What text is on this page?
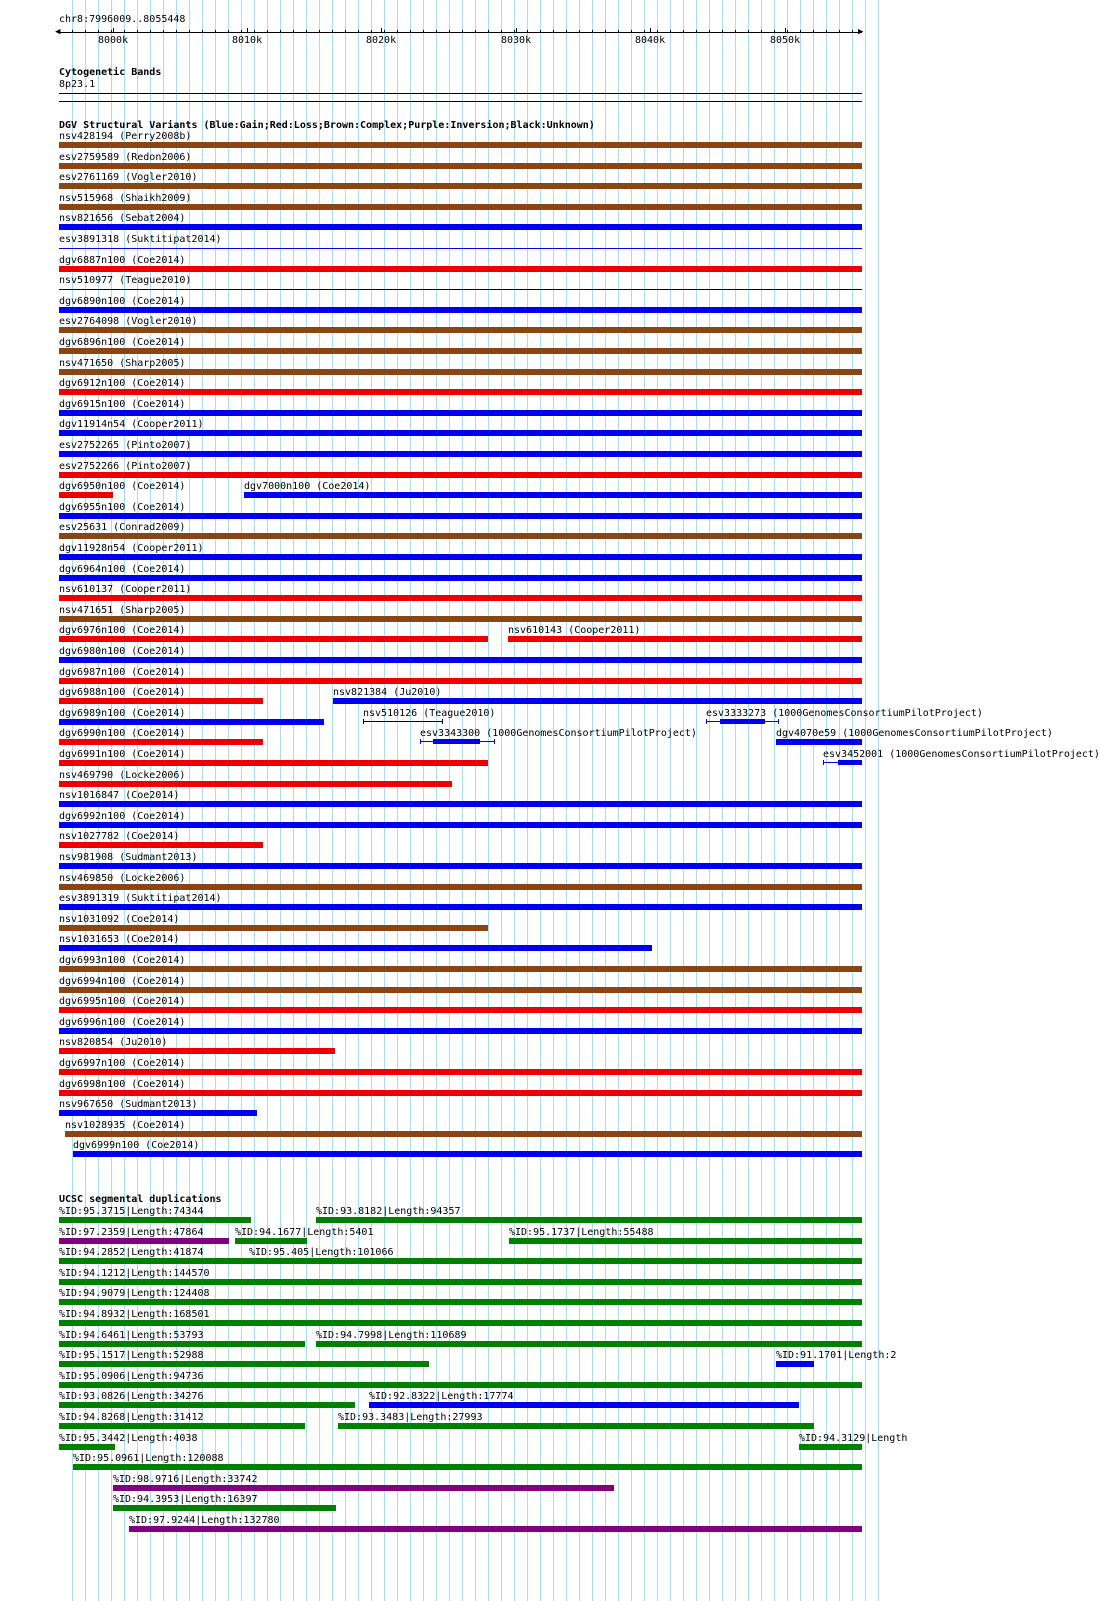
chr8:7996009..8055448
8000k	8010k	8020k	8030k	8040k	8050k
◀	▶
Cytogenetic Bands
8p23.1
DGV Structural Variants (Blue:Gain;Red:Loss;Brown:Complex;Purple:Inversion;Black:Unknown)
nsv428194 (Perry2008b)
esv2759589 (Redon2006)
esv2761169 (Vogler2010)
nsv515968 (Shaikh2009)
nsv821656 (Sebat2004)
esv3891318 (Suktitipat2014)
dgv6887n100 (Coe2014)
nsv510977 (Teague2010)
dgv6890n100 (Coe2014)
esv2764098 (Vogler2010)
dgv6896n100 (Coe2014)
nsv471650 (Sharp2005)
dgv6912n100 (Coe2014)
dgv6915n100 (Coe2014)
dgv11914n54 (Cooper2011)
esv2752265 (Pinto2007)
esv2752266 (Pinto2007)
dgv6950n100 (Coe2014)	dgv7000n100 (Coe2014)
dgv6955n100 (Coe2014)
esv25631 (Conrad2009)
dgv11928n54 (Cooper2011)
dgv6964n100 (Coe2014)
nsv610137 (Cooper2011)
nsv471651 (Sharp2005)
dgv6976n100 (Coe2014)	nsv610143 (Cooper2011)
dgv6980n100 (Coe2014)
dgv6987n100 (Coe2014)
dgv6988n100 (Coe2014)	nsv821384 (Ju2010)
dgv6989n100 (Coe2014)	nsv510126 (Teague2010)	esv3333273 (1000GenomesConsortiumPilotProject)
dgv6990n100 (Coe2014)	esv3343300 (1000GenomesConsortiumPilotProject)	dgv4070e59 (1000GenomesConsortiumPilotProject)
dgv6991n100 (Coe2014)	esv3452001 (1000GenomesConsortiumPilotProject)
nsv469790 (Locke2006)
nsv1016847 (Coe2014)
dgv6992n100 (Coe2014)
nsv1027782 (Coe2014)
nsv981908 (Sudmant2013)
nsv469850 (Locke2006)
esv3891319 (Suktitipat2014)
nsv1031092 (Coe2014)
nsv1031653 (Coe2014)
dgv6993n100 (Coe2014)
dgv6994n100 (Coe2014)
dgv6995n100 (Coe2014)
dgv6996n100 (Coe2014)
nsv820854 (Ju2010)
dgv6997n100 (Coe2014)
dgv6998n100 (Coe2014)
nsv967650 (Sudmant2013)
nsv1028935 (Coe2014)
dgv6999n100 (Coe2014)
UCSC segmental duplications
%ID:95.3715|Length:74344	%ID:93.8182|Length:94357
%ID:97.2359|Length:47864	%ID:94.1677|Length:5401	%ID:95.1737|Length:55488
%ID:94.2852|Length:41874	%ID:95.405|Length:101066
%ID:94.1212|Length:144570
%ID:94.9079|Length:124408
%ID:94.8932|Length:168501
%ID:94.6461|Length:53793	%ID:94.7998|Length:110689
%ID:95.1517|Length:52988	%ID:91.1701|Length:2
%ID:95.0906|Length:94736
%ID:93.0826|Length:34276	%ID:92.8322|Length:17774
%ID:94.8268|Length:31412	%ID:93.3483|Length:27993
%ID:95.3442|Length:4038	%ID:94.3129|Length
%ID:95.0961|Length:120088
%ID:98.9716|Length:33742
%ID:94.3953|Length:16397
%ID:97.9244|Length:132780
